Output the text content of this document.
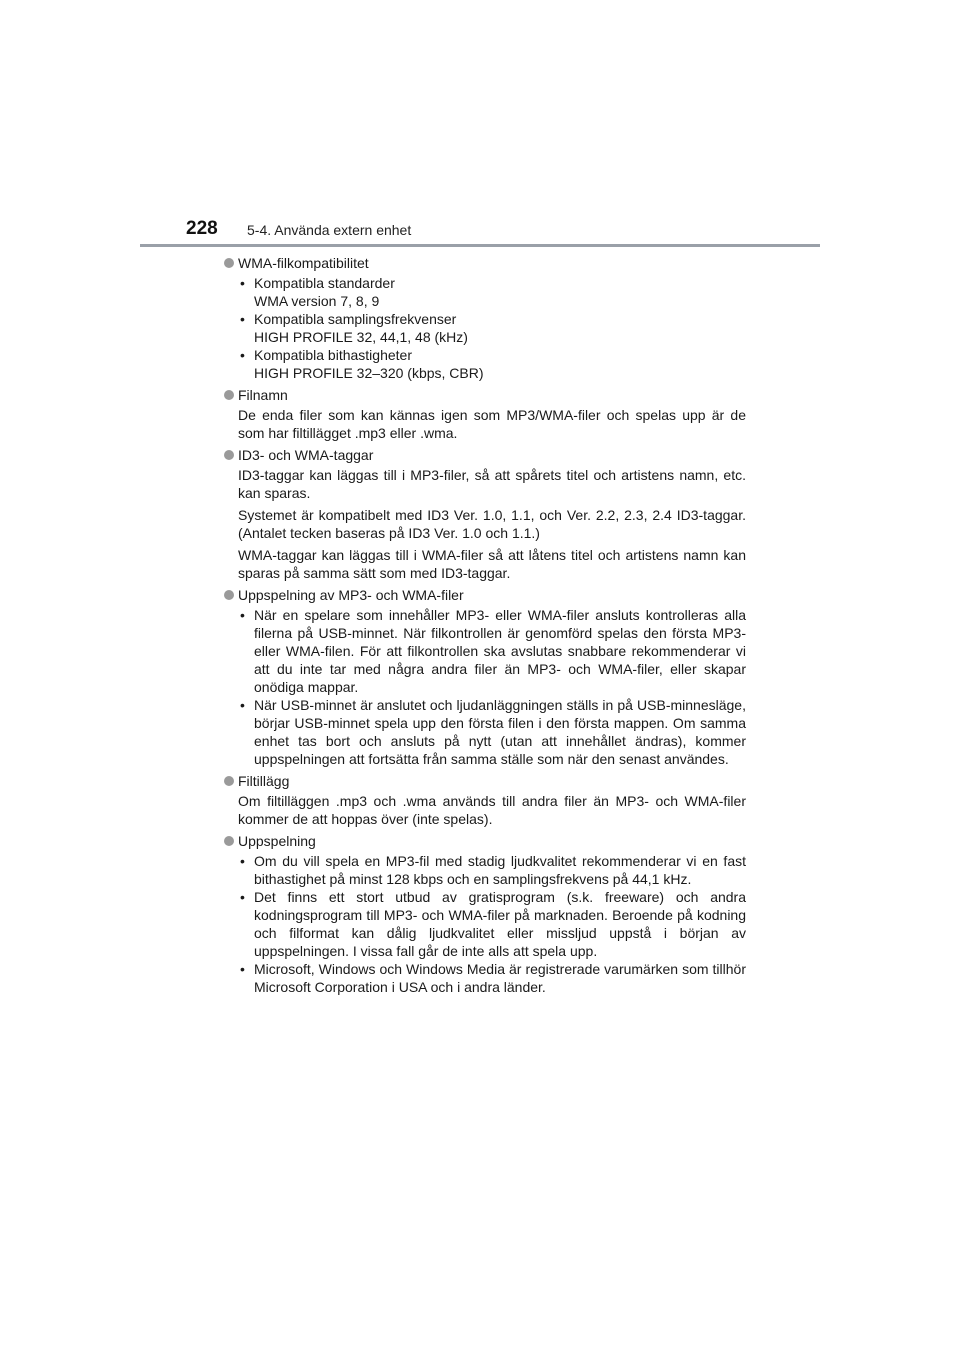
228 5-4. Använda extern enhet
WMA-filkompatibilitet
• Kompatibla standarder
WMA version 7, 8, 9
• Kompatibla samplingsfrekvenser
HIGH PROFILE 32, 44,1, 48 (kHz)
• Kompatibla bithastigheter
HIGH PROFILE 32–320 (kbps, CBR)
Filnamn
De enda filer som kan kännas igen som MP3/WMA-filer och spelas upp är de som har filtillägget .mp3 eller .wma.
ID3- och WMA-taggar
ID3-taggar kan läggas till i MP3-filer, så att spårets titel och artistens namn, etc. kan sparas.
Systemet är kompatibelt med ID3 Ver. 1.0, 1.1, och Ver. 2.2, 2.3, 2.4 ID3-taggar. (Antalet tecken baseras på ID3 Ver. 1.0 och 1.1.)
WMA-taggar kan läggas till i WMA-filer så att låtens titel och artistens namn kan sparas på samma sätt som med ID3-taggar.
Uppspelning av MP3- och WMA-filer
• När en spelare som innehåller MP3- eller WMA-filer ansluts kontrolleras alla filerna på USB-minnet. När filkontrollen är genomförd spelas den första MP3- eller WMA-filen. För att filkontrollen ska avslutas snabbare rekommenderar vi att du inte tar med några andra filer än MP3- och WMA-filer, eller skapar onödiga mappar.
• När USB-minnet är anslutet och ljudanläggningen ställs in på USB-minnesläge, börjar USB-minnet spela upp den första filen i den första mappen. Om samma enhet tas bort och ansluts på nytt (utan att innehållet ändras), kommer uppspelningen att fortsätta från samma ställe som när den senast användes.
Filtillägg
Om filtilläggen .mp3 och .wma används till andra filer än MP3- och WMA-filer kommer de att hoppas över (inte spelas).
Uppspelning
• Om du vill spela en MP3-fil med stadig ljudkvalitet rekommenderar vi en fast bithastighet på minst 128 kbps och en samplingsfrekvens på 44,1 kHz.
• Det finns ett stort utbud av gratisprogram (s.k. freeware) och andra kodningsprogram till MP3- och WMA-filer på marknaden. Beroende på kodning och filformat kan dålig ljudkvalitet eller missljud uppstå i början av uppspelningen. I vissa fall går de inte alls att spela upp.
• Microsoft, Windows och Windows Media är registrerade varumärken som tillhör Microsoft Corporation i USA och i andra länder.
